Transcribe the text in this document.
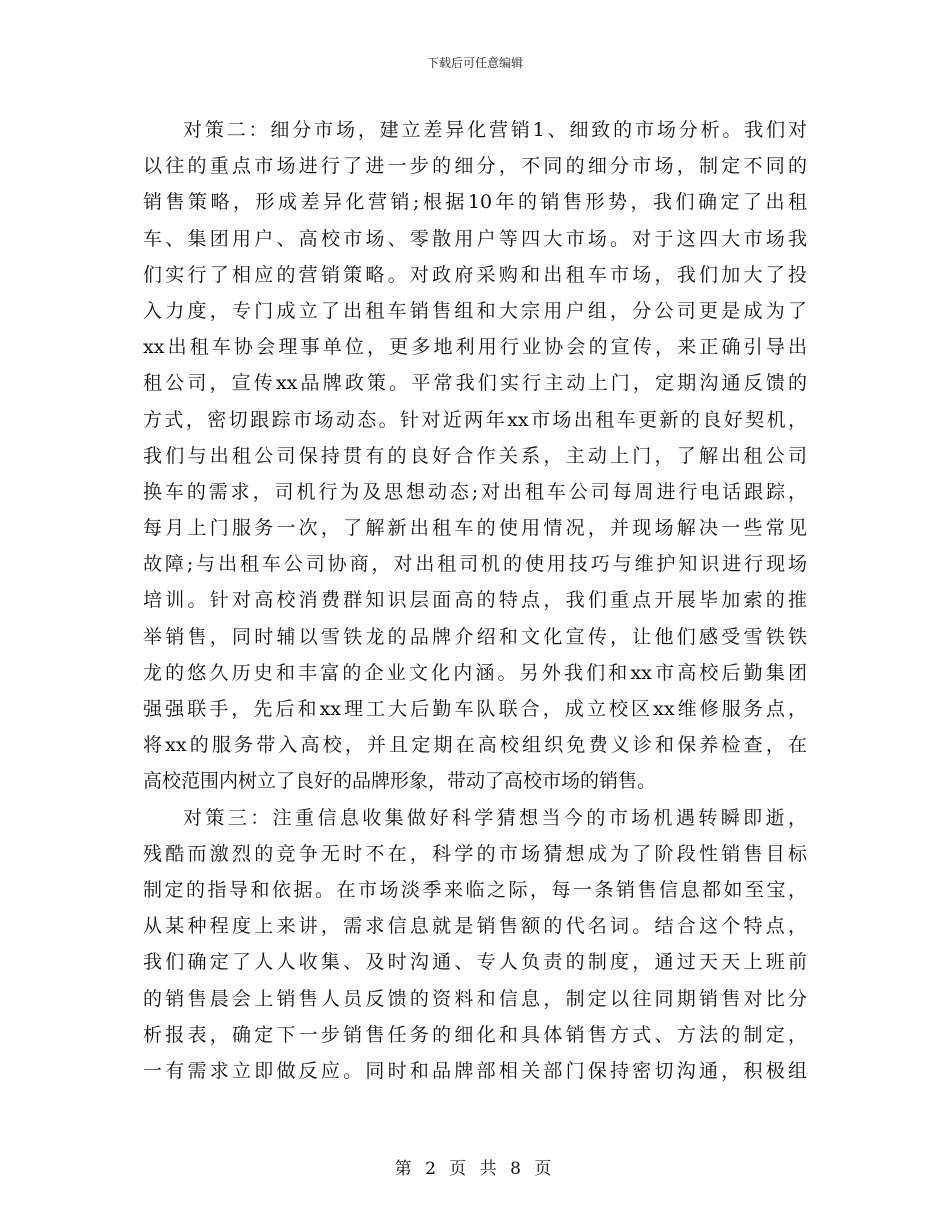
下载后可任意编辑
对策二：细分市场，建立差异化营销1、细致的市场分析。我们对
以往的重点市场进行了进一步的细分，不同的细分市场，制定不同的
销售策略，形成差异化营销;根据10年的销售形势，我们确定了出租
车、集团用户、高校市场、零散用户等四大市场。对于这四大市场我
们实行了相应的营销策略。对政府采购和出租车市场，我们加大了投
入力度，专门成立了出租车销售组和大宗用户组，分公司更是成为了
xx出租车协会理事单位，更多地利用行业协会的宣传，来正确引导出
租公司，宣传xx品牌政策。平常我们实行主动上门，定期沟通反馈的
方式，密切跟踪市场动态。针对近两年xx市场出租车更新的良好契机，
我们与出租公司保持贯有的良好合作关系，主动上门，了解出租公司
换车的需求，司机行为及思想动态;对出租车公司每周进行电话跟踪，
每月上门服务一次，了解新出租车的使用情况，并现场解决一些常见
故障;与出租车公司协商，对出租司机的使用技巧与维护知识进行现场
培训。针对高校消费群知识层面高的特点，我们重点开展毕加索的推
举销售，同时辅以雪铁龙的品牌介绍和文化宣传，让他们感受雪铁铁
龙的悠久历史和丰富的企业文化内涵。另外我们和xx市高校后勤集团
强强联手，先后和xx理工大后勤车队联合，成立校区xx维修服务点，
将xx的服务带入高校，并且定期在高校组织免费义诊和保养检查，在
高校范围内树立了良好的品牌形象，带动了高校市场的销售。
对策三：注重信息收集做好科学猜想当今的市场机遇转瞬即逝，
残酷而激烈的竞争无时不在，科学的市场猜想成为了阶段性销售目标
制定的指导和依据。在市场淡季来临之际，每一条销售信息都如至宝，
从某种程度上来讲，需求信息就是销售额的代名词。结合这个特点，
我们确定了人人收集、及时沟通、专人负责的制度，通过天天上班前
的销售晨会上销售人员反馈的资料和信息，制定以往同期销售对比分
析报表，确定下一步销售任务的细化和具体销售方式、方法的制定，
一有需求立即做反应。同时和品牌部相关部门保持密切沟通，积极组
第 2 页 共 8 页
